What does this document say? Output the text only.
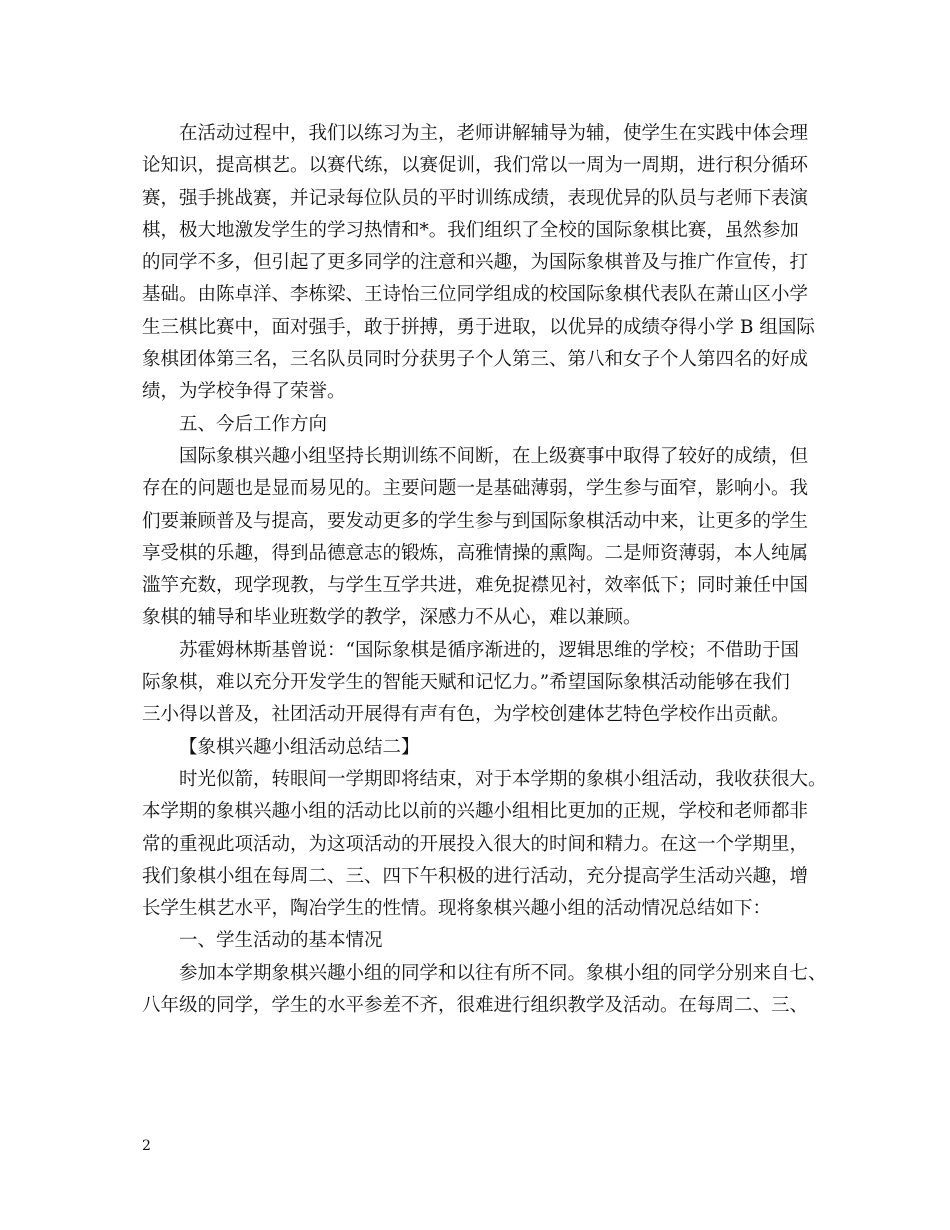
在活动过程中，我们以练习为主，老师讲解辅导为辅，使学生在实践中体会理
论知识，提高棋艺。以赛代练，以赛促训，我们常以一周为一周期，进行积分循环
赛，强手挑战赛，并记录每位队员的平时训练成绩，表现优异的队员与老师下表演
棋，极大地激发学生的学习热情和*。我们组织了全校的国际象棋比赛，虽然参加
的同学不多，但引起了更多同学的注意和兴趣，为国际象棋普及与推广作宣传，打
基础。由陈卓洋、李栋梁、王诗怡三位同学组成的校国际象棋代表队在萧山区小学
生三棋比赛中，面对强手，敢于拼搏，勇于进取，以优异的成绩夺得小学 B 组国际
象棋团体第三名，三名队员同时分获男子个人第三、第八和女子个人第四名的好成
绩，为学校争得了荣誉。
五、今后工作方向
国际象棋兴趣小组坚持长期训练不间断，在上级赛事中取得了较好的成绩，但
存在的问题也是显而易见的。主要问题一是基础薄弱，学生参与面窄，影响小。我
们要兼顾普及与提高，要发动更多的学生参与到国际象棋活动中来，让更多的学生
享受棋的乐趣，得到品德意志的锻炼，高雅情操的熏陶。二是师资薄弱，本人纯属
滥竽充数，现学现教，与学生互学共进，难免捉襟见衬，效率低下；同时兼任中国
象棋的辅导和毕业班数学的教学，深感力不从心，难以兼顾。
苏霍姆林斯基曾说：“国际象棋是循序渐进的，逻辑思维的学校；不借助于国
际象棋，难以充分开发学生的智能天赋和记忆力。”希望国际象棋活动能够在我们
三小得以普及，社团活动开展得有声有色，为学校创建体艺特色学校作出贡献。
【象棋兴趣小组活动总结二】
时光似箭，转眼间一学期即将结束，对于本学期的象棋小组活动，我收获很大。
本学期的象棋兴趣小组的活动比以前的兴趣小组相比更加的正规，学校和老师都非
常的重视此项活动，为这项活动的开展投入很大的时间和精力。在这一个学期里，
我们象棋小组在每周二、三、四下午积极的进行活动，充分提高学生活动兴趣，增
长学生棋艺水平，陶冶学生的性情。现将象棋兴趣小组的活动情况总结如下：
一、学生活动的基本情况
参加本学期象棋兴趣小组的同学和以往有所不同。象棋小组的同学分别来自七、
八年级的同学，学生的水平参差不齐，很难进行组织教学及活动。在每周二、三、
2
